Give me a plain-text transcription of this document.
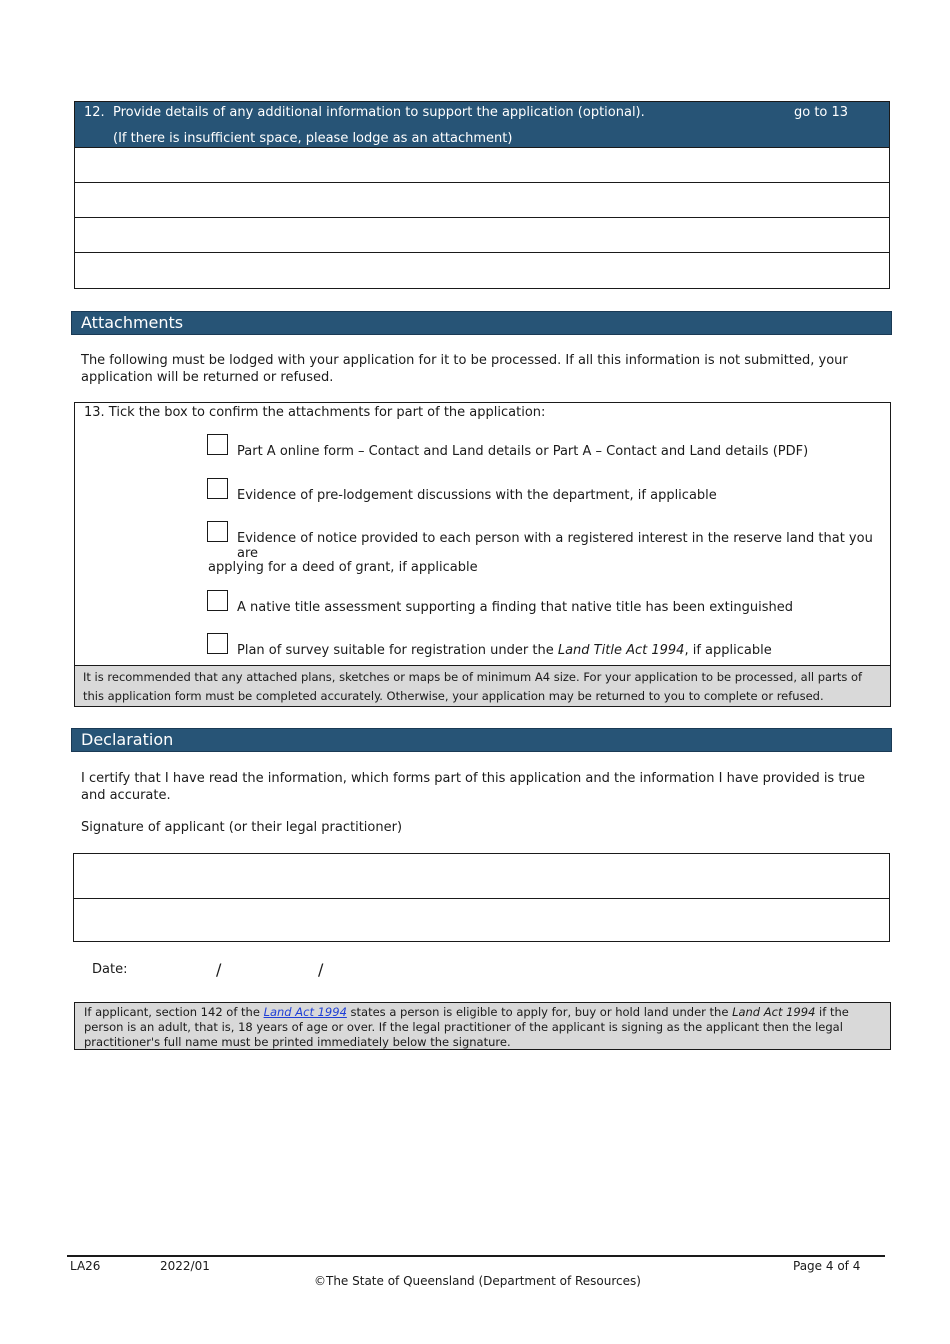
12. Provide details of any additional information to support the application (optional).
(If there is insufficient space, please lodge as an attachment)
go to 13
Attachments
The following must be lodged with your application for it to be processed. If all this information is not submitted, your application will be returned or refused.
13. Tick the box to confirm the attachments for part of the application:
Part A online form – Contact and Land details or Part A – Contact and Land details (PDF)
Evidence of pre-lodgement discussions with the department, if applicable
Evidence of notice provided to each person with a registered interest in the reserve land that you are
applying for a deed of grant, if applicable
A native title assessment supporting a finding that native title has been extinguished
Plan of survey suitable for registration under the Land Title Act 1994, if applicable
It is recommended that any attached plans, sketches or maps be of minimum A4 size. For your application to be processed, all parts of this application form must be completed accurately. Otherwise, your application may be returned to you to complete or refused.
Declaration
I certify that I have read the information, which forms part of this application and the information I have provided is true and accurate.
Signature of applicant (or their legal practitioner)
Date:	/	/
If applicant, section 142 of the Land Act 1994 states a person is eligible to apply for, buy or hold land under the Land Act 1994 if the person is an adult, that is, 18 years of age or over. If the legal practitioner of the applicant is signing as the applicant then the legal practitioner's full name must be printed immediately below the signature.
LA26	2022/01	Page 4 of 4
©The State of Queensland (Department of Resources)
